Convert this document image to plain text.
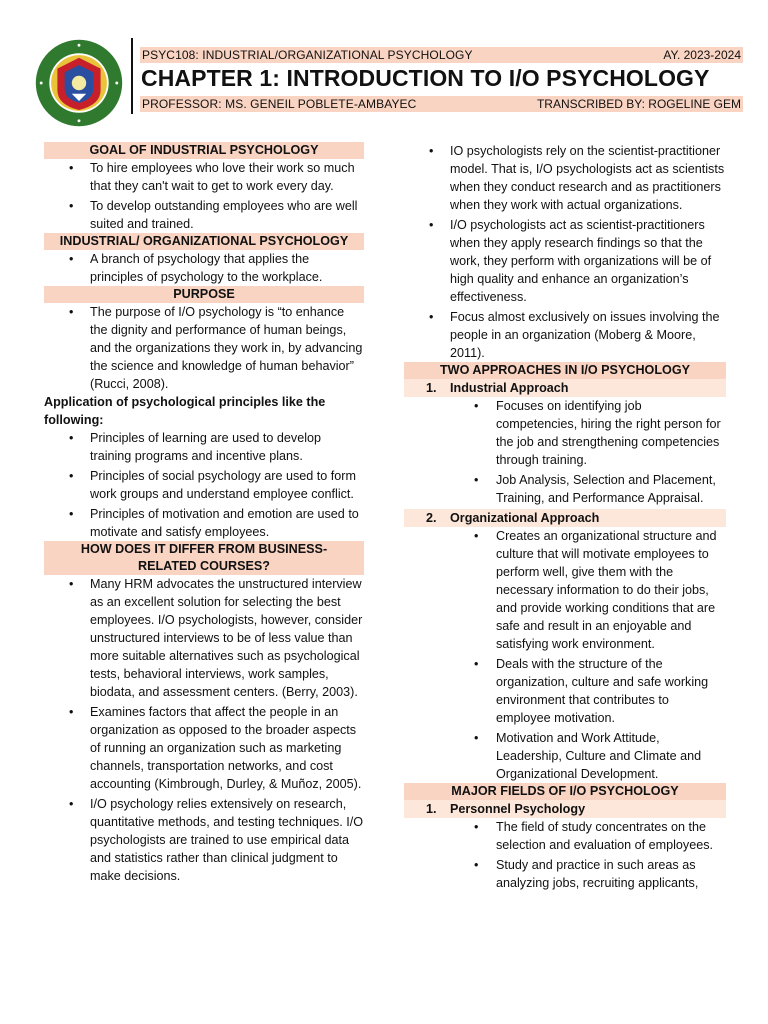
PSYC108: INDUSTRIAL/ORGANIZATIONAL PSYCHOLOGY	AY. 2023-2024
CHAPTER 1: INTRODUCTION TO I/O PSYCHOLOGY
PROFESSOR: MS. GENEIL POBLETE-AMBAYEC	TRANSCRIBED BY: ROGELINE GEM
GOAL OF INDUSTRIAL PSYCHOLOGY
• To hire employees who love their work so much that they can't wait to get to work every day.
• To develop outstanding employees who are well suited and trained.
INDUSTRIAL/ ORGANIZATIONAL PSYCHOLOGY
• A branch of psychology that applies the principles of psychology to the workplace.
PURPOSE
• The purpose of I/O psychology is “to enhance the dignity and performance of human beings, and the organizations they work in, by advancing the science and knowledge of human behavior” (Rucci, 2008).

Application of psychological principles like the following:

• Principles of learning are used to develop training programs and incentive plans.
• Principles of social psychology are used to form work groups and understand employee conflict.
• Principles of motivation and emotion are used to motivate and satisfy employees.
HOW DOES IT DIFFER FROM BUSINESS-RELATED COURSES?
• Many HRM advocates the unstructured interview as an excellent solution for selecting the best employees. I/O psychologists, however, consider unstructured interviews to be of less value than more suitable alternatives such as psychological tests, behavioral interviews, work samples, biodata, and assessment centers. (Berry, 2003).
• Examines factors that affect the people in an organization as opposed to the broader aspects of running an organization such as marketing channels, transportation networks, and cost accounting (Kimbrough, Durley, & Muñoz, 2005).
• I/O psychology relies extensively on research, quantitative methods, and testing techniques. I/O psychologists are trained to use empirical data and statistics rather than clinical judgment to make decisions.
• IO psychologists rely on the scientist-practitioner model. That is, I/O psychologists act as scientists when they conduct research and as practitioners when they work with actual organizations.
• I/O psychologists act as scientist-practitioners when they apply research findings so that the work, they perform with organizations will be of high quality and enhance an organization’s effectiveness.
• Focus almost exclusively on issues involving the people in an organization (Moberg & Moore, 2011).
TWO APPROACHES IN I/O PSYCHOLOGY
1.	Industrial Approach
• Focuses on identifying job competencies, hiring the right person for the job and strengthening competencies through training.
• Job Analysis, Selection and Placement, Training, and Performance Appraisal.
2.	Organizational Approach
• Creates an organizational structure and culture that will motivate employees to perform well, give them with the necessary information to do their jobs, and provide working conditions that are safe and result in an enjoyable and satisfying work environment.
• Deals with the structure of the organization, culture and safe working environment that contributes to employee motivation.
• Motivation and Work Attitude, Leadership, Culture and Climate and Organizational Development.
MAJOR FIELDS OF I/O PSYCHOLOGY
1.	Personnel Psychology
• The field of study concentrates on the selection and evaluation of employees.
• Study and practice in such areas as analyzing jobs, recruiting applicants,
